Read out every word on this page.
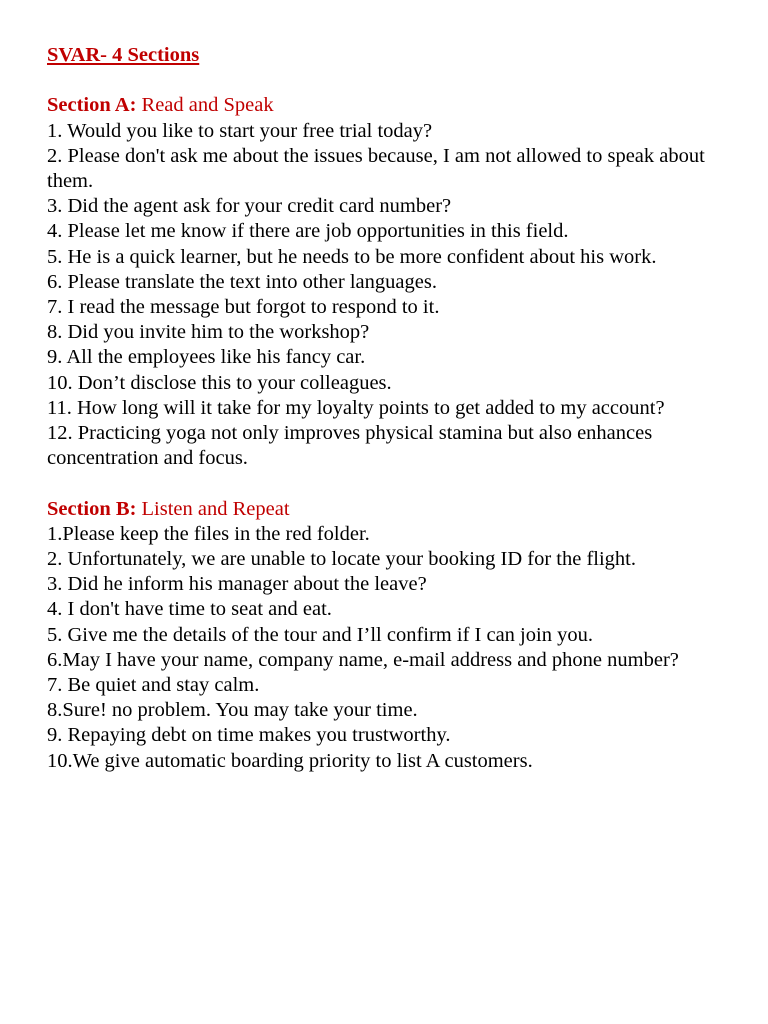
SVAR- 4 Sections

Section A: Read and Speak

1. Would you like to start your free trial today?
2. Please don't ask me about the issues because, I am not allowed to speak about them.
3. Did the agent ask for your credit card number?
4. Please let me know if there are job opportunities in this field.
5. He is a quick learner, but he needs to be more confident about his work.
6. Please translate the text into other languages.
7. I read the message but forgot to respond to it.
8. Did you invite him to the workshop?
9. All the employees like his fancy car.
10. Don’t disclose this to your colleagues.
11. How long will it take for my loyalty points to get added to my account?
12. Practicing yoga not only improves physical stamina but also enhances concentration and focus.

Section B: Listen and Repeat

1.Please keep the files in the red folder.
2. Unfortunately, we are unable to locate your booking ID for the flight.
3. Did he inform his manager about the leave?
4. I don't have time to seat and eat.
5. Give me the details of the tour and I’ll confirm if I can join you.
6.May I have your name, company name, e-mail address and phone number?
7. Be quiet and stay calm.
8.Sure! no problem. You may take your time.
9. Repaying debt on time makes you trustworthy.
10.We give automatic boarding priority to list A customers.
